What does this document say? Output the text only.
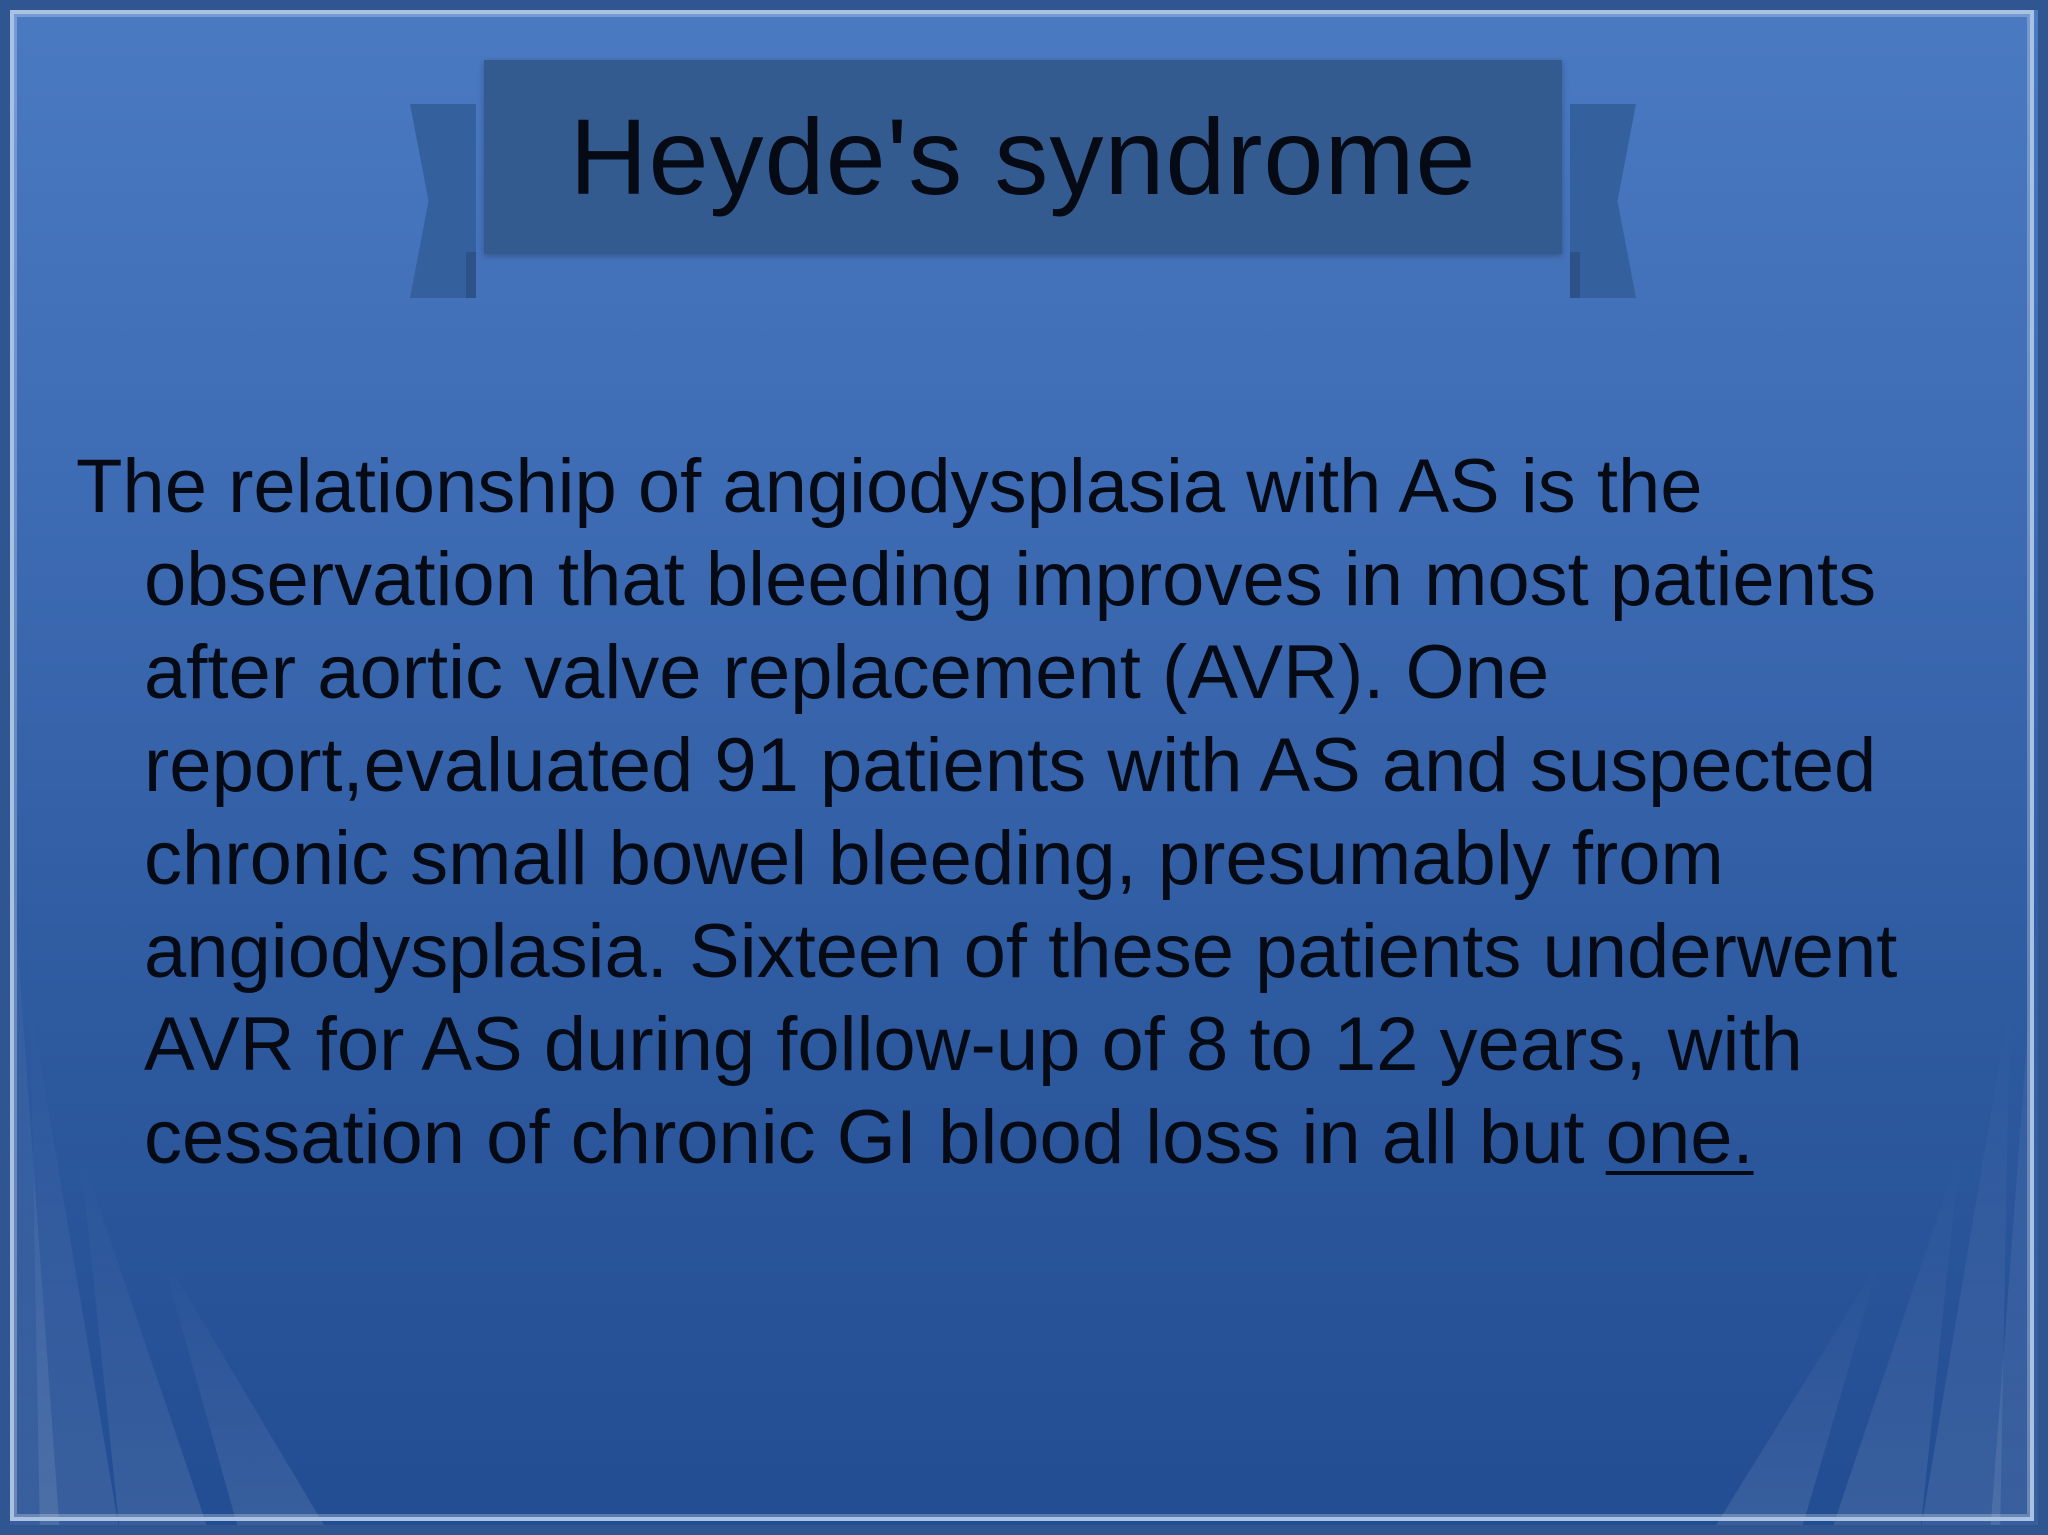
Heyde's syndrome

The relationship of angiodysplasia with AS is the observation that bleeding improves in most patients after aortic valve replacement (AVR). One report,evaluated 91 patients with AS and suspected chronic small bowel bleeding, presumably from angiodysplasia. Sixteen of these patients underwent AVR for AS during follow-up of 8 to 12 years, with cessation of chronic GI blood loss in all but one.
